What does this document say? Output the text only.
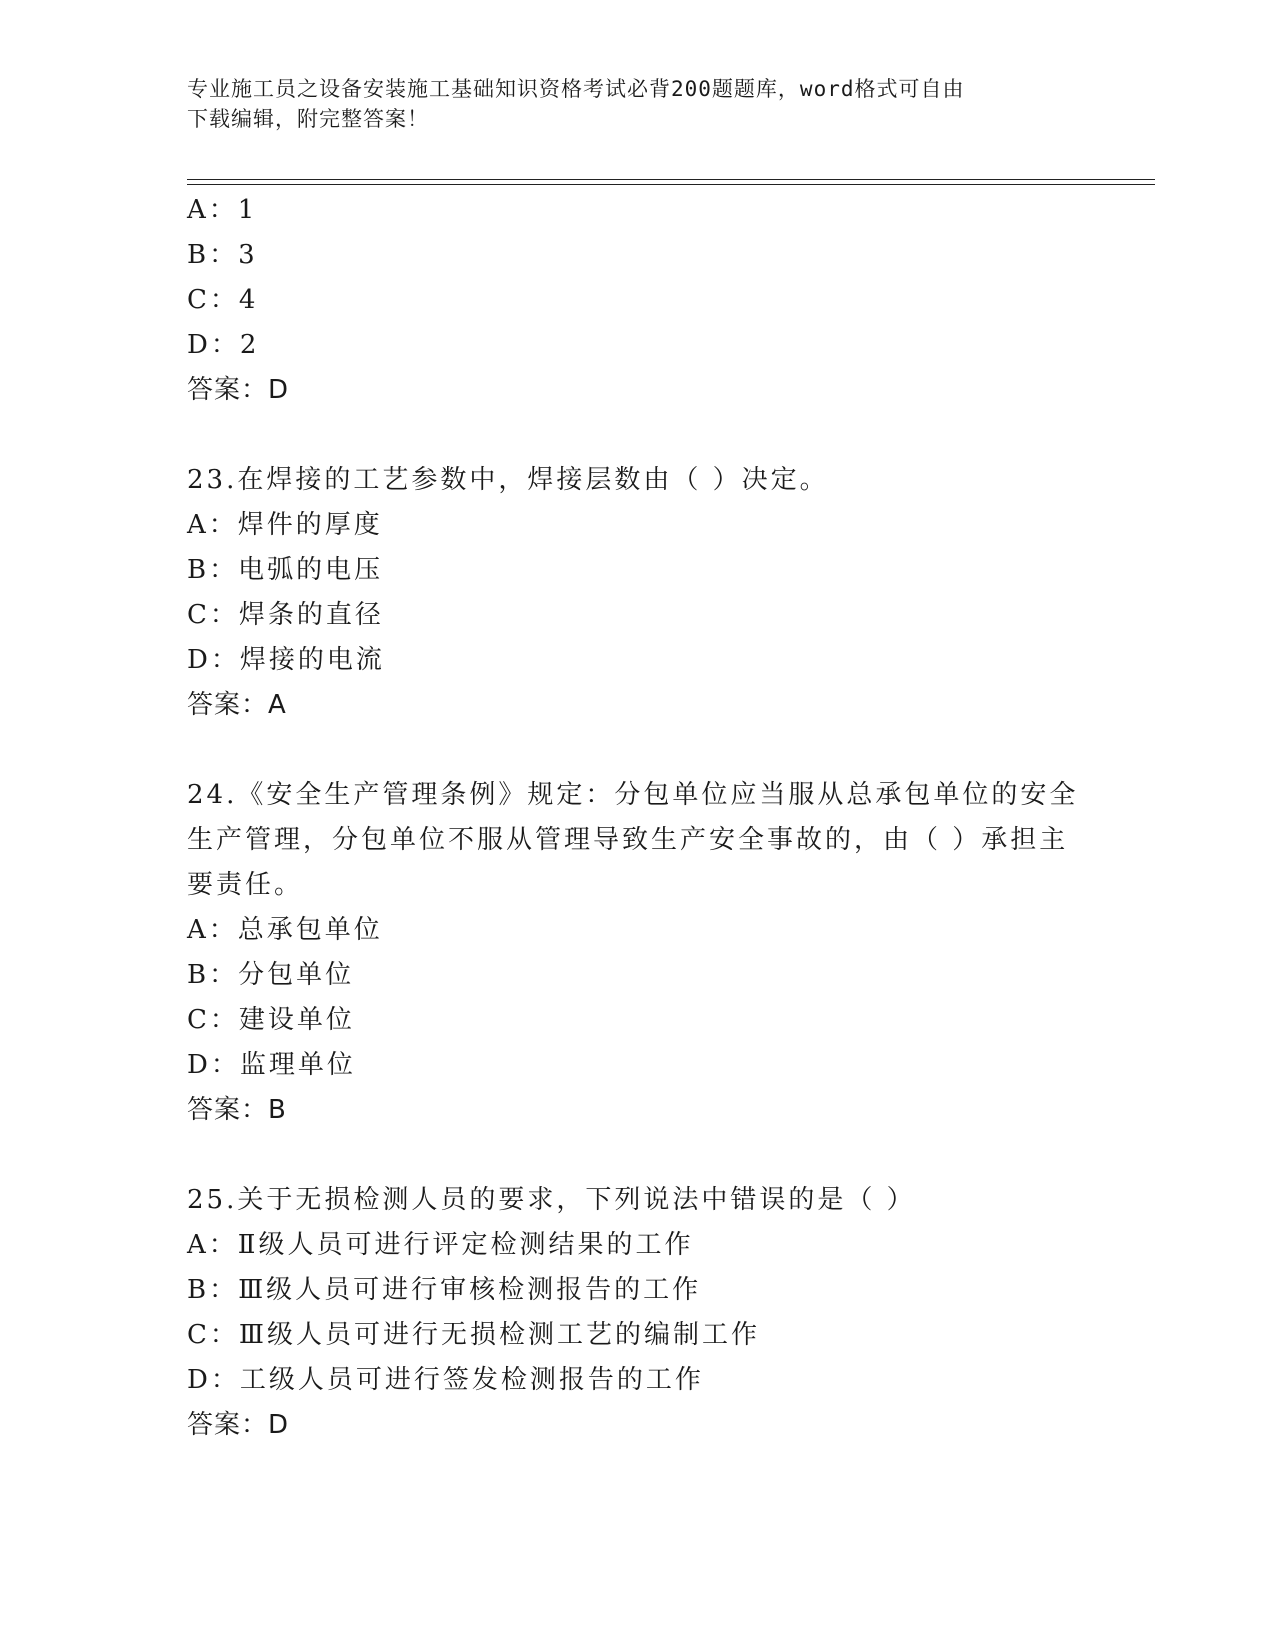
专业施工员之设备安装施工基础知识资格考试必背200题题库，word格式可自由
下载编辑，附完整答案！
A：1
B：3
C：4
D：2
答案：D
23.在焊接的工艺参数中，焊接层数由（ ）决定。
A：焊件的厚度
B：电弧的电压
C：焊条的直径
D：焊接的电流
答案：A
24.《安全生产管理条例》规定：分包单位应当服从总承包单位的安全
生产管理，分包单位不服从管理导致生产安全事故的，由（ ）承担主
要责任。
A：总承包单位
B：分包单位
C：建设单位
D：监理单位
答案：B
25.关于无损检测人员的要求，下列说法中错误的是（ ）
A：Ⅱ级人员可进行评定检测结果的工作
B：Ⅲ级人员可进行审核检测报告的工作
C：Ⅲ级人员可进行无损检测工艺的编制工作
D：工级人员可进行签发检测报告的工作
答案：D
